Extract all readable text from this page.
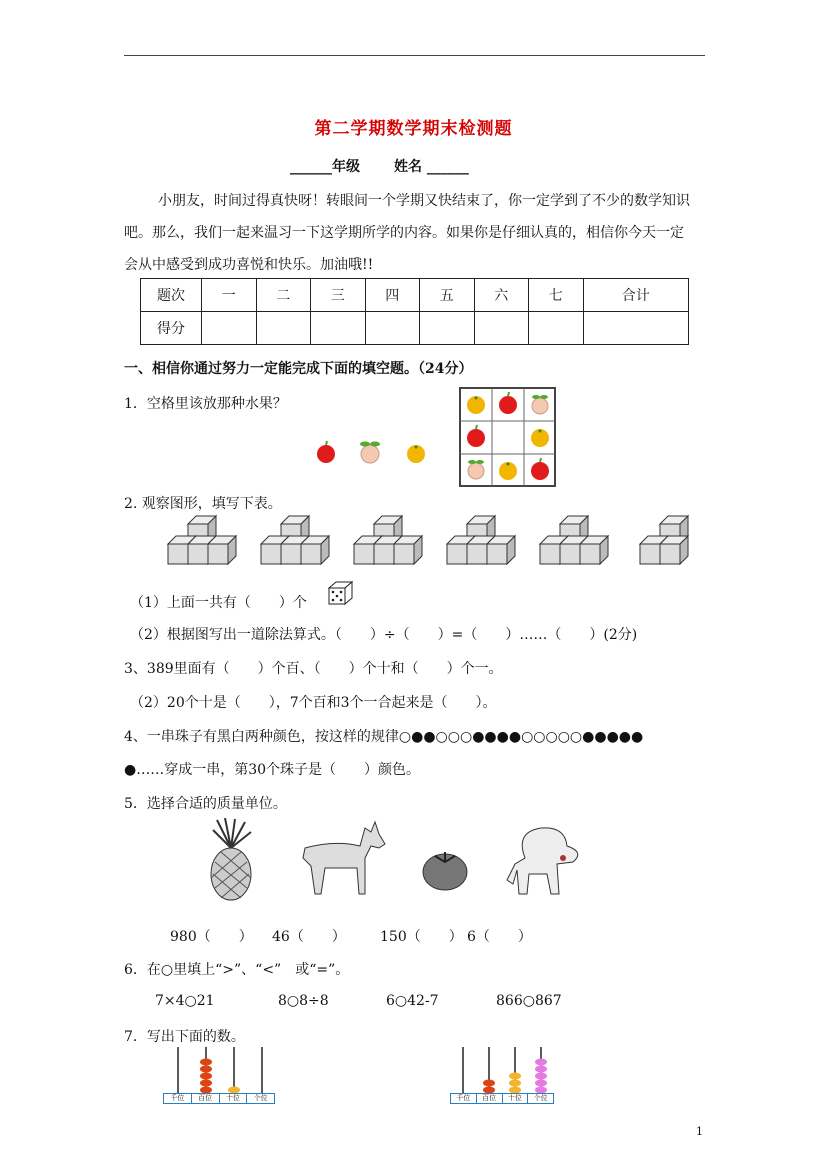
第二学期数学期末检测题
______年级 姓名 ______
小朋友，时间过得真快呀！转眼间一个学期又快结束了，你一定学到了不少的数学知识
吧。那么，我们一起来温习一下这学期所学的内容。如果你是仔细认真的，相信你今天一定
会从中感受到成功喜悦和快乐。加油哦!!
题次	一	二	三	四	五	六	七	合计
得分								
一、相信你通过努力一定能完成下面的填空题。（24分）
1．空格里该放那种水果？
2. 观察图形，填写下表。
（1）上面一共有（　　）个
（2）根据图写出一道除法算式。（　　）÷（　　）=（　　）……（　　）(2分)
3、389里面有（　　）个百、（　　）个十和（　　）个一。
（2）20个十是（　　），7个百和3个一合起来是（　　）。
4、一串珠子有黑白两种颜色，按这样的规律○●●○○○●●●●○○○○○●●●●●
●……穿成一串，第30个珠子是（　　）颜色。
5．选择合适的质量单位。
980（　　） 46（　　） 150（　　） 6（　　）
6．在○里填上“>”、“<”　或“=”。
7×4○21	8○8÷8	6○42-7	866○867
7．写出下面的数。
千位	百位	十位	个位	千位	百位	十位	个位
1
